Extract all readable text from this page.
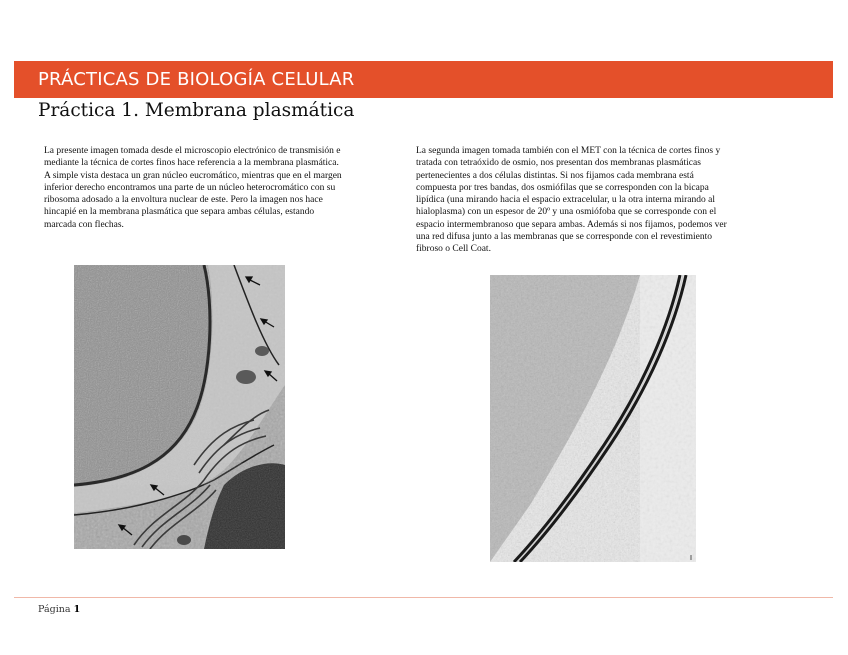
PRÁCTICAS DE BIOLOGÍA CELULAR
Práctica 1. Membrana plasmática
La presente imagen tomada desde el microscopio electrónico de transmisión e
mediante la técnica de cortes finos hace referencia a la membrana plasmática.
A simple vista destaca un gran núcleo eucromático, mientras que en el margen
inferior derecho encontramos una parte de un núcleo heterocromático con su
ribosoma adosado a la envoltura nuclear de este. Pero la imagen nos hace
hincapié en la membrana plasmática que separa ambas células, estando
marcada con flechas.
La segunda imagen tomada también con el MET con la técnica de cortes finos y
tratada con tetraóxido de osmio, nos presentan dos membranas plasmáticas
pertenecientes a dos células distintas. Si nos fijamos cada membrana está
compuesta por tres bandas, dos osmiófilas que se corresponden con la bicapa
lipídica (una mirando hacia el espacio extracelular, u la otra interna mirando al
hialoplasma) con un espesor de 20º y una osmiófoba que se corresponde con el
espacio intermembranoso que separa ambas. Además si nos fijamos, podemos ver
una red difusa junto a las membranas que se corresponde con el revestimiento
fibroso o Cell Coat.
Página 1
